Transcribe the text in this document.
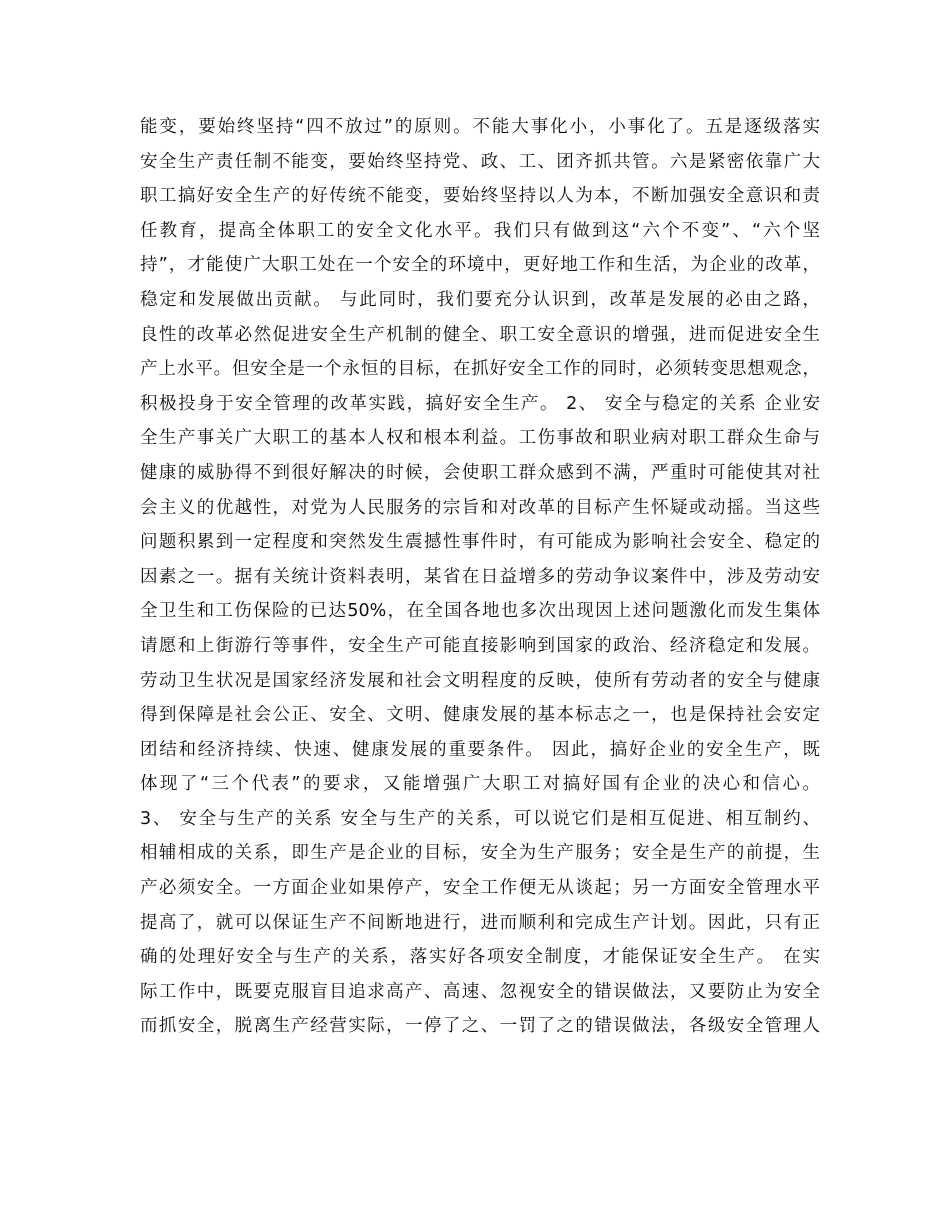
能变，要始终坚持“四不放过”的原则。不能大事化小，小事化了。五是逐级落实
安全生产责任制不能变，要始终坚持党、政、工、团齐抓共管。六是紧密依靠广大
职工搞好安全生产的好传统不能变，要始终坚持以人为本，不断加强安全意识和责
任教育，提高全体职工的安全文化水平。我们只有做到这“六个不变”、“六个坚
持”，才能使广大职工处在一个安全的环境中，更好地工作和生活，为企业的改革，
稳定和发展做出贡献。 与此同时，我们要充分认识到，改革是发展的必由之路，
良性的改革必然促进安全生产机制的健全、职工安全意识的增强，进而促进安全生
产上水平。但安全是一个永恒的目标，在抓好安全工作的同时，必须转变思想观念，
积极投身于安全管理的改革实践，搞好安全生产。 2、 安全与稳定的关系 企业安
全生产事关广大职工的基本人权和根本利益。工伤事故和职业病对职工群众生命与
健康的威胁得不到很好解决的时候，会使职工群众感到不满，严重时可能使其对社
会主义的优越性，对党为人民服务的宗旨和对改革的目标产生怀疑或动摇。当这些
问题积累到一定程度和突然发生震撼性事件时，有可能成为影响社会安全、稳定的
因素之一。据有关统计资料表明，某省在日益增多的劳动争议案件中，涉及劳动安
全卫生和工伤保险的已达50%，在全国各地也多次出现因上述问题激化而发生集体
请愿和上街游行等事件，安全生产可能直接影响到国家的政治、经济稳定和发展。
劳动卫生状况是国家经济发展和社会文明程度的反映，使所有劳动者的安全与健康
得到保障是社会公正、安全、文明、健康发展的基本标志之一，也是保持社会安定
团结和经济持续、快速、健康发展的重要条件。 因此，搞好企业的安全生产，既
体现了“三个代表”的要求，又能增强广大职工对搞好国有企业的决心和信心。
3、 安全与生产的关系 安全与生产的关系，可以说它们是相互促进、相互制约、
相辅相成的关系，即生产是企业的目标，安全为生产服务；安全是生产的前提，生
产必须安全。一方面企业如果停产，安全工作便无从谈起；另一方面安全管理水平
提高了，就可以保证生产不间断地进行，进而顺利和完成生产计划。因此，只有正
确的处理好安全与生产的关系，落实好各项安全制度，才能保证安全生产。 在实
际工作中，既要克服盲目追求高产、高速、忽视安全的错误做法，又要防止为安全
而抓安全，脱离生产经营实际，一停了之、一罚了之的错误做法，各级安全管理人
